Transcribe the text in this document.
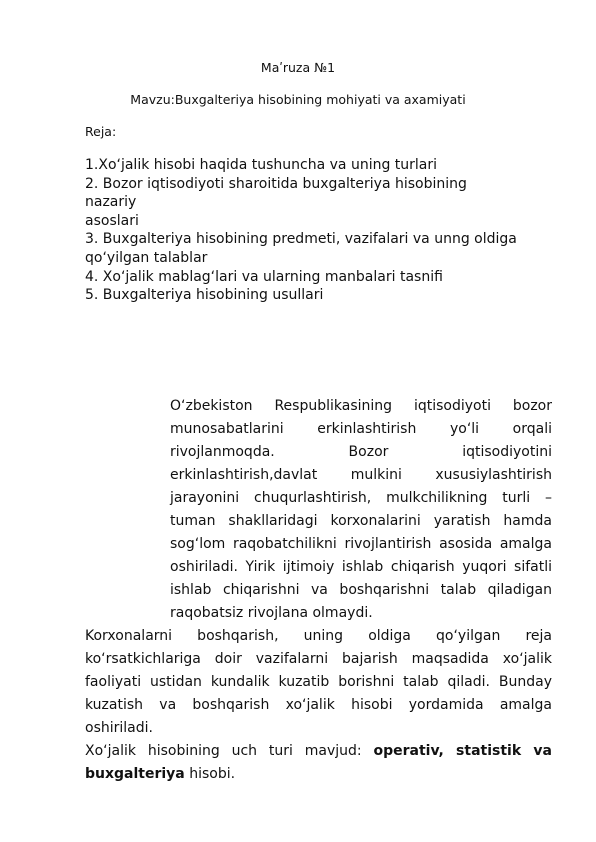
Maʹruza №1
Mavzu:Buxgalteriya hisobining mohiyati va axamiyati
Reja:
1.Xo‘jalik hisobi haqida tushuncha va uning turlari
2. Bozor iqtisodiyoti sharoitida buxgalteriya hisobining
nazariy
asoslari
3. Buxgalteriya hisobining predmeti, vazifalari va unng oldiga
qo‘yilgan talablar
4. Xo‘jalik mablag‘lari va ularning manbalari tasnifi
5. Buxgalteriya hisobining usullari

O‘zbekiston Respublikasining iqtisodiyoti bozor munosabatlarini erkinlashtirish yo‘li orqali rivojlanmoqda. Bozor iqtisodiyotini erkinlashtirish,davlat mulkini xususiylashtirish jarayonini chuqurlashtirish, mulkchilikning turli –tuman shakllaridagi korxonalarini yaratish hamda sog‘lom raqobatchilikni rivojlantirish asosida amalga oshiriladi. Yirik ijtimoiy ishlab chiqarish yuqori sifatli ishlab chiqarishni va boshqarishni talab qiladigan raqobatsiz rivojlana olmaydi.

Korxonalarni boshqarish, uning oldiga qo‘yilgan reja ko‘rsatkichlariga doir vazifalarni bajarish maqsadida xo‘jalik faoliyati ustidan kundalik kuzatib borishni talab qiladi. Bunday kuzatish va boshqarish xo‘jalik hisobi yordamida amalga oshiriladi.

Xo‘jalik hisobining uch turi mavjud: operativ, statistik va buxgalteriya hisobi.
